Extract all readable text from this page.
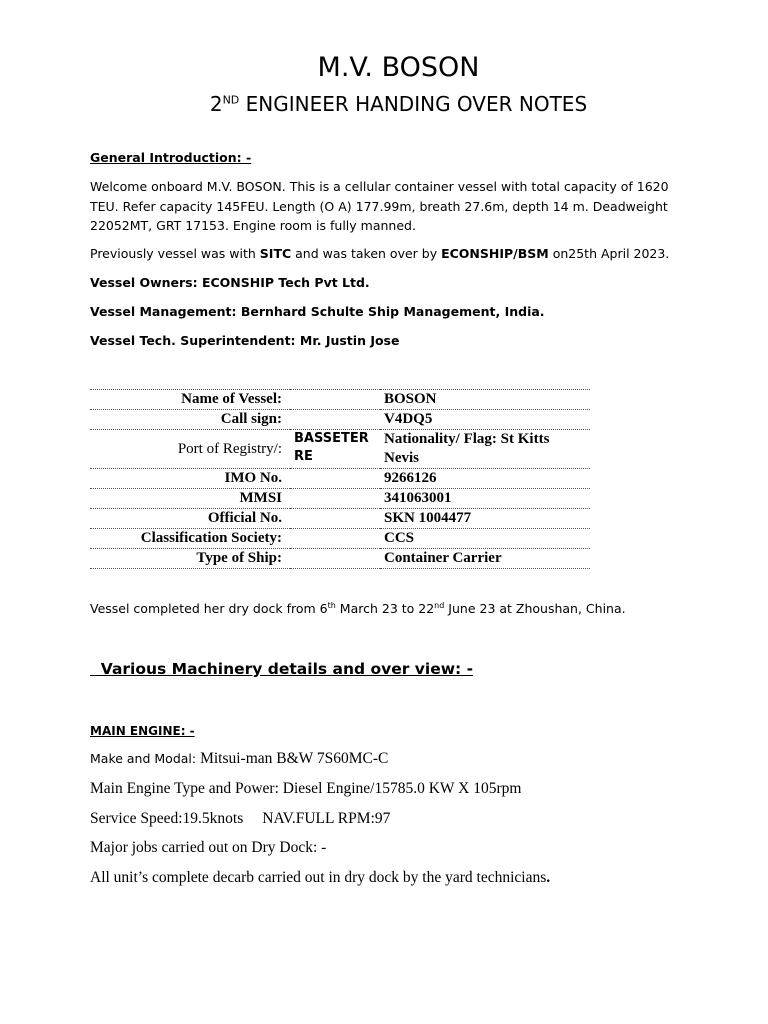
M.V. BOSON
2ND ENGINEER HANDING OVER NOTES
General Introduction: -
Welcome onboard M.V. BOSON. This is a cellular container vessel with total capacity of 1620 TEU. Refer capacity 145FEU. Length (O A) 177.99m, breath 27.6m, depth 14 m. Deadweight 22052MT, GRT 17153. Engine room is fully manned.
Previously vessel was with SITC and was taken over by ECONSHIP/BSM on25th April 2023.
Vessel Owners: ECONSHIP Tech Pvt Ltd.
Vessel Management: Bernhard Schulte Ship Management, India.
Vessel Tech. Superintendent: Mr. Justin Jose
Name of Vessel:		BOSON
Call sign:		V4DQ5
Port of Registry/:	BASSETERRE	Nationality/ Flag: St Kitts Nevis
IMO No.		9266126
MMSI		341063001
Official No.		SKN 1004477
Classification Society:		CCS
Type of Ship:		Container Carrier
Vessel completed her dry dock from 6th March 23 to 22nd June 23 at Zhoushan, China.
Various Machinery details and over view: -
MAIN ENGINE: -
Make and Modal: Mitsui-man B&W 7S60MC-C
Main Engine Type and Power: Diesel Engine/15785.0 KW X 105rpm
Service Speed:19.5knots NAV.FULL RPM:97
Major jobs carried out on Dry Dock: -
All unit’s complete decarb carried out in dry dock by the yard technicians.
